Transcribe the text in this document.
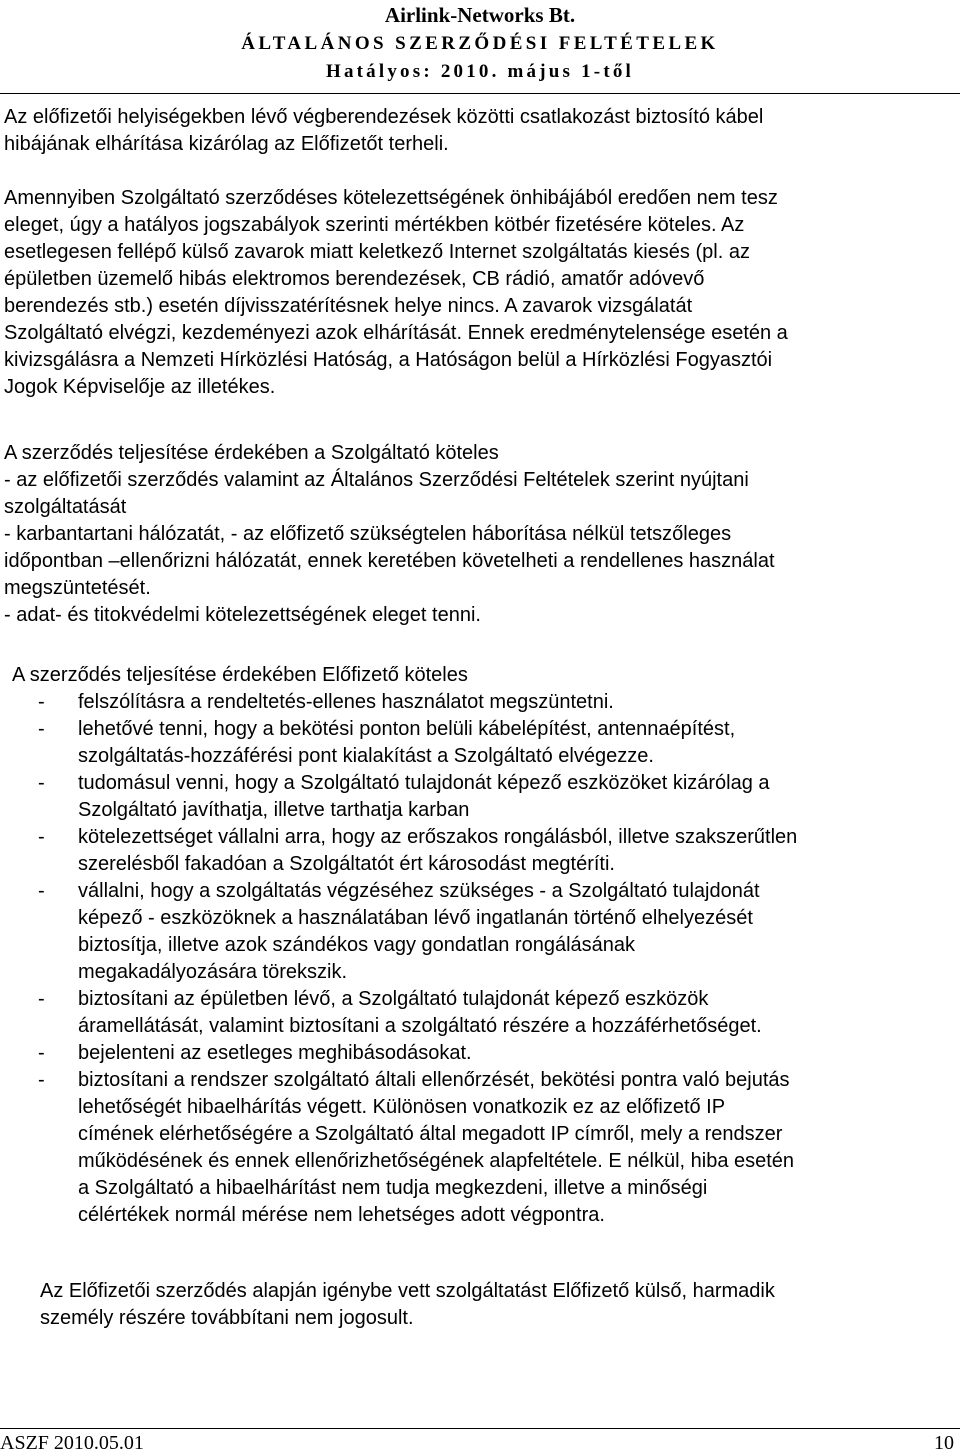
Airlink-Networks Bt.
ÁLTALÁNOS SZERZŐDÉSI FELTÉTELEK
Hatályos: 2010. május 1-től
Az előfizetői helyiségekben lévő végberendezések közötti csatlakozást biztosító kábel
hibájának elhárítása kizárólag az Előfizetőt terheli.
Amennyiben Szolgáltató szerződéses kötelezettségének önhibájából eredően nem tesz
eleget, úgy a hatályos jogszabályok szerinti mértékben kötbér fizetésére köteles. Az
esetlegesen fellépő külső zavarok miatt keletkező Internet szolgáltatás kiesés (pl. az
épületben üzemelő hibás elektromos berendezések, CB rádió, amatőr adóvevő
berendezés stb.) esetén díjvisszatérítésnek helye nincs. A zavarok vizsgálatát
Szolgáltató elvégzi, kezdeményezi azok elhárítását. Ennek eredménytelensége esetén a
kivizsgálásra a Nemzeti Hírközlési Hatóság, a Hatóságon belül a Hírközlési Fogyasztói
Jogok Képviselője az illetékes.
A szerződés teljesítése érdekében a Szolgáltató köteles
- az előfizetői szerződés valamint az Általános Szerződési Feltételek szerint nyújtani
szolgáltatását
- karbantartani hálózatát, - az előfizető szükségtelen háborítása nélkül tetszőleges
időpontban –ellenőrizni hálózatát, ennek keretében követelheti a rendellenes használat
megszüntetését.
- adat- és titokvédelmi kötelezettségének eleget tenni.
A szerződés teljesítése érdekében Előfizető köteles
- felszólításra a rendeltetés-ellenes használatot megszüntetni.
- lehetővé tenni, hogy a bekötési ponton belüli kábelépítést, antennaépítést,
szolgáltatás-hozzáférési pont kialakítást a Szolgáltató elvégezze.
- tudomásul venni, hogy a Szolgáltató tulajdonát képező eszközöket kizárólag a
Szolgáltató javíthatja, illetve tarthatja karban
- kötelezettséget vállalni arra, hogy az erőszakos rongálásból, illetve szakszerűtlen
szerelésből fakadóan a Szolgáltatót ért károsodást megtéríti.
- vállalni, hogy a szolgáltatás végzéséhez szükséges - a Szolgáltató tulajdonát
képező - eszközöknek a használatában lévő ingatlanán történő elhelyezését
biztosítja, illetve azok szándékos vagy gondatlan rongálásának
megakadályozására törekszik.
- biztosítani az épületben lévő, a Szolgáltató tulajdonát képező eszközök
áramellátását, valamint biztosítani a szolgáltató részére a hozzáférhetőséget.
- bejelenteni az esetleges meghibásodásokat.
- biztosítani a rendszer szolgáltató általi ellenőrzését, bekötési pontra való bejutás
lehetőségét hibaelhárítás végett. Különösen vonatkozik ez az előfizető IP
címének elérhetőségére a Szolgáltató által megadott IP címről, mely a rendszer
működésének és ennek ellenőrizhetőségének alapfeltétele. E nélkül, hiba esetén
a Szolgáltató a hibaelhárítást nem tudja megkezdeni, illetve a minőségi
célértékek normál mérése nem lehetséges adott végpontra.
Az Előfizetői szerződés alapján igénybe vett szolgáltatást Előfizető külső, harmadik
személy részére továbbítani nem jogosult.
ASZF 2010.05.01	10
